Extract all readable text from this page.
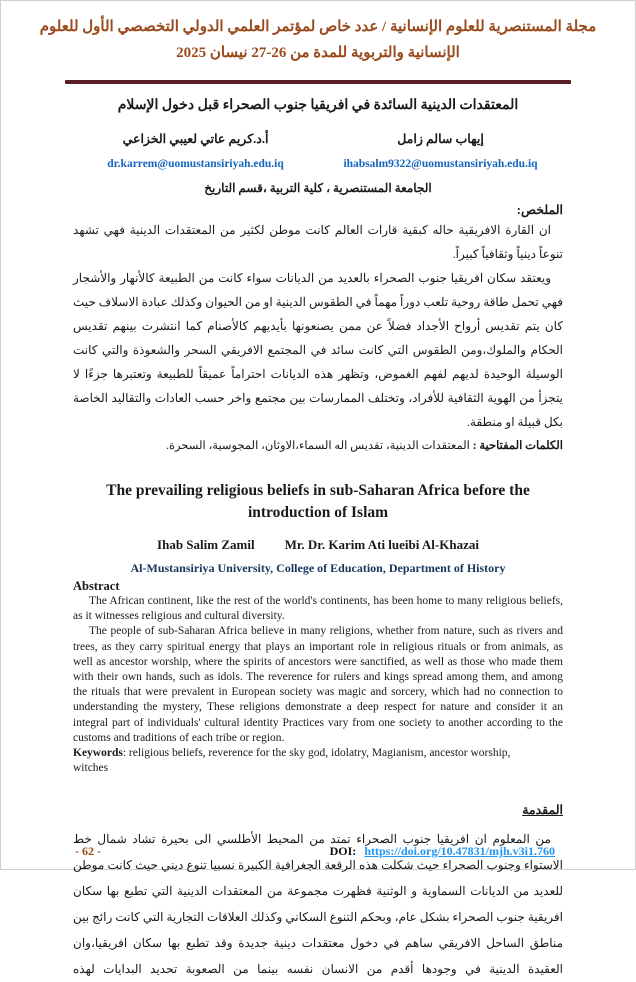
مجلة المستنصرية للعلوم الإنسانية / عدد خاص لمؤتمر العلمي الدولي التخصصي الأول للعلوم
الإنسانية والتربوية للمدة من 26-27 نيسان 2025
المعتقدات الدينية السائدة في افريقيا جنوب الصحراء قبل دخول الإسلام
إيهاب سالم زامل
أ.د.كريم عاتي لعيبي الخزاعي
dr.karrem@uomustansiriyah.edu.iq	ihabsalm9322@uomustansiriyah.edu.iq
الجامعة المستنصرية ، كلية التربية ،قسم التاريخ
الملخص:

ان القارة الافريقية حاله كبقية قارات العالم كانت موطن لكثير من المعتقدات الدينية فهي تشهد تنوعاً دينياً وثقافياً كبيراً.

ويعتقد سكان افريقيا جنوب الصحراء بالعديد من الديانات سواء كانت من الطبيعة كالأنهار والأشجار فهي تحمل طاقة روحية تلعب دوراً مهماً في الطقوس الدينية او من الحيوان وكذلك عبادة الاسلاف حيث كان يتم تقديس أرواح الأجداد فضلاً عن ممن يصنعونها بأيديهم كالأصنام كما انتشرت بينهم تقديس الحكام والملوك،ومن الطقوس التي كانت سائد في المجتمع الافريقي السحر والشعوذة والتي كانت الوسيلة الوحيدة لديهم لفهم الغموض، وتظهر هذه الديانات احتراماً عميقاً للطبيعة وتعتبرها جزءًا لا يتجزأ من الهوية الثقافية للأفراد، وتختلف الممارسات بين مجتمع واخر حسب العادات والتقاليد الخاصة بكل قبيلة او منطقة.

الكلمات المفتاحية : المعتقدات الدينية، تقديس اله السماء،الاوثان، المجوسية، السحرة.

The prevailing religious beliefs in sub-Saharan Africa before the introduction of Islam
Ihab Salim Zamil Mr. Dr. Karim Ati lueibi Al-Khazai
Al-Mustansiriya University, College of Education, Department of History
Abstract

The African continent, like the rest of the world's continents, has been home to many religious beliefs, as it witnesses religious and cultural diversity.

The people of sub-Saharan Africa believe in many religions, whether from nature, such as rivers and trees, as they carry spiritual energy that plays an important role in religious rituals or from animals, as well as ancestor worship, where the spirits of ancestors were sanctified, as well as those who made them with their own hands, such as idols. The reverence for rulers and kings spread among them, and among the rituals that were prevalent in European society was magic and sorcery, which had no connection to understanding the mystery, These religions demonstrate a deep respect for nature and consider it an integral part of individuals' cultural identity Practices vary from one society to another according to the customs and traditions of each tribe or region.

Keywords: religious beliefs, reverence for the sky god, idolatry, Magianism, ancestor worship, witches

المقدمة

من المعلوم ان افريقيا جنوب الصحراء تمتد من المحيط الأطلسي الى بحيرة تشاد شمال خط الاستواء وجنوب الصحراء حيث شكلت هذه الرقعة الجغرافية الكبيرة نسبيا تنوع ديني حيث كانت موطن للعديد من الديانات السماوية و الوثنية فظهرت مجموعة من المعتقدات الدينية التي تطبع بها سكان افريقية جنوب الصحراء بشكل عام، وبحكم التنوع السكاني وكذلك العلاقات التجارية التي كانت رائج بين مناطق الساحل الافريقي ساهم في دخول معتقدات دينية جديدة وقد تطبع بها سكان افريقيا،وان العقيدة الدينية في وجودها أقدم من الانسان نفسه بينما من الصعوبة تحديد البدايات لهذه

- 62 -	DOI: https://doi.org/10.47831/mjh.v3i1.760
